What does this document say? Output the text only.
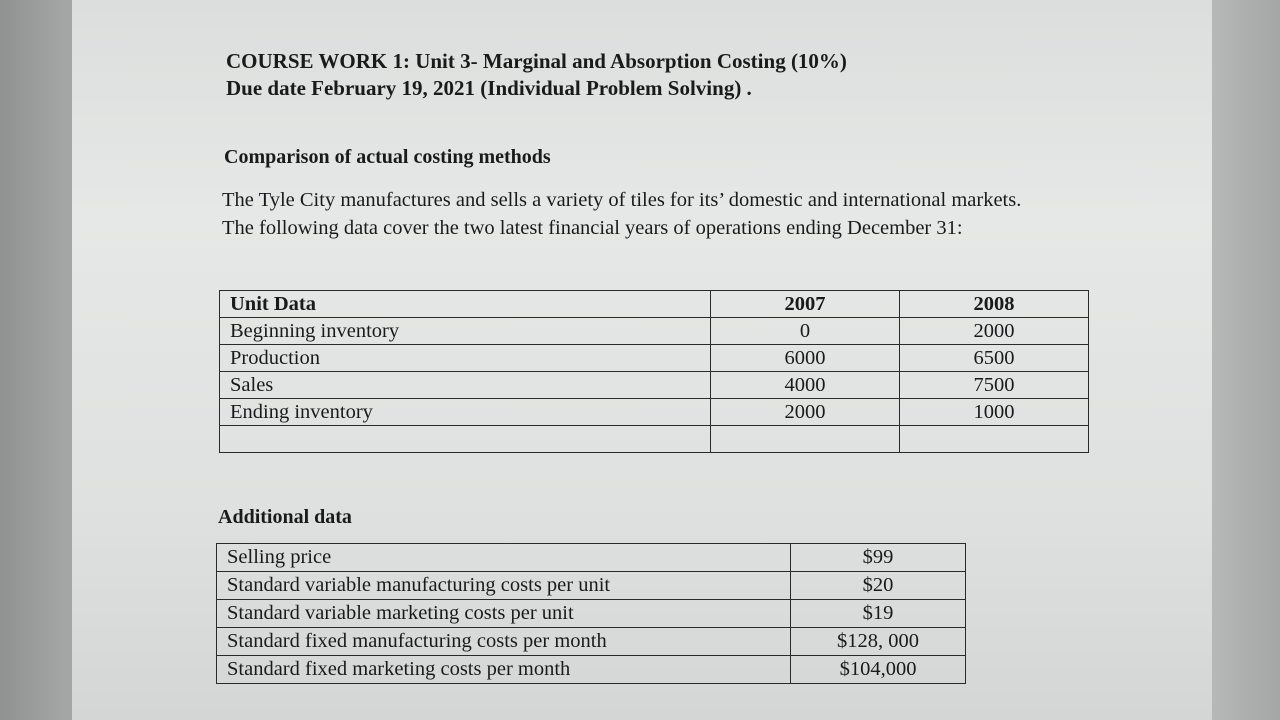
COURSE WORK 1: Unit 3- Marginal and Absorption Costing (10%)
Due date February 19, 2021 (Individual Problem Solving) .
Comparison of actual costing methods
The Tyle City manufactures and sells a variety of tiles for its’ domestic and international markets. The following data cover the two latest financial years of operations ending December 31:
Unit Data	2007	2008
Beginning inventory	0	2000
Production	6000	6500
Sales	4000	7500
Ending inventory	2000	1000

Additional data
Selling price	$99
Standard variable manufacturing costs per unit	$20
Standard variable marketing costs per unit	$19
Standard fixed manufacturing costs per month	$128, 000
Standard fixed marketing costs per month	$104,000
